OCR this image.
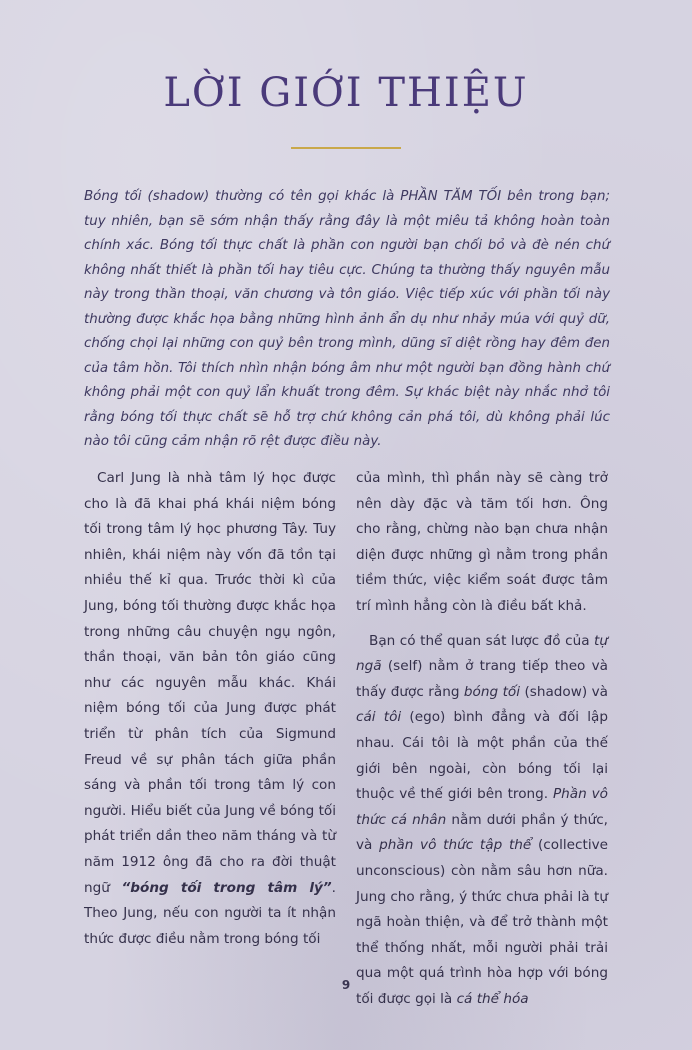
LỜI GIỚI THIỆU

Bóng tối (shadow) thường có tên gọi khác là PHẦN TĂM TỐI bên trong bạn; tuy nhiên, bạn sẽ sớm nhận thấy rằng đây là một miêu tả không hoàn toàn chính xác. Bóng tối thực chất là phần con người bạn chối bỏ và đè nén chứ không nhất thiết là phần tối hay tiêu cực. Chúng ta thường thấy nguyên mẫu này trong thần thoại, văn chương và tôn giáo. Việc tiếp xúc với phần tối này thường được khắc họa bằng những hình ảnh ẩn dụ như nhảy múa với quỷ dữ, chống chọi lại những con quỷ bên trong mình, dũng sĩ diệt rồng hay đêm đen của tâm hồn. Tôi thích nhìn nhận bóng âm như một người bạn đồng hành chứ không phải một con quỷ lẩn khuất trong đêm. Sự khác biệt này nhắc nhở tôi rằng bóng tối thực chất sẽ hỗ trợ chứ không cản phá tôi, dù không phải lúc nào tôi cũng cảm nhận rõ rệt được điều này.

Carl Jung là nhà tâm lý học được cho là đã khai phá khái niệm bóng tối trong tâm lý học phương Tây. Tuy nhiên, khái niệm này vốn đã tồn tại nhiều thế kỉ qua. Trước thời kì của Jung, bóng tối thường được khắc họa trong những câu chuyện ngụ ngôn, thần thoại, văn bản tôn giáo cũng như các nguyên mẫu khác. Khái niệm bóng tối của Jung được phát triển từ phân tích của Sigmund Freud về sự phân tách giữa phần sáng và phần tối trong tâm lý con người. Hiểu biết của Jung về bóng tối phát triển dần theo năm tháng và từ năm 1912 ông đã cho ra đời thuật ngữ “bóng tối trong tâm lý”. Theo Jung, nếu con người ta ít nhận thức được điều nằm trong bóng tối

của mình, thì phần này sẽ càng trở nên dày đặc và tăm tối hơn. Ông cho rằng, chừng nào bạn chưa nhận diện được những gì nằm trong phần tiềm thức, việc kiểm soát được tâm trí mình hẳng còn là điều bất khả.

Bạn có thể quan sát lược đồ của tự ngã (self) nằm ở trang tiếp theo và thấy được rằng bóng tối (shadow) và cái tôi (ego) bình đẳng và đối lập nhau. Cái tôi là một phần của thế giới bên ngoài, còn bóng tối lại thuộc về thế giới bên trong. Phần vô thức cá nhân nằm dưới phần ý thức, và phần vô thức tập thể (collective unconscious) còn nằm sâu hơn nữa. Jung cho rằng, ý thức chưa phải là tự ngã hoàn thiện, và để trở thành một thể thống nhất, mỗi người phải trải qua một quá trình hòa hợp với bóng tối được gọi là cá thể hóa

9
